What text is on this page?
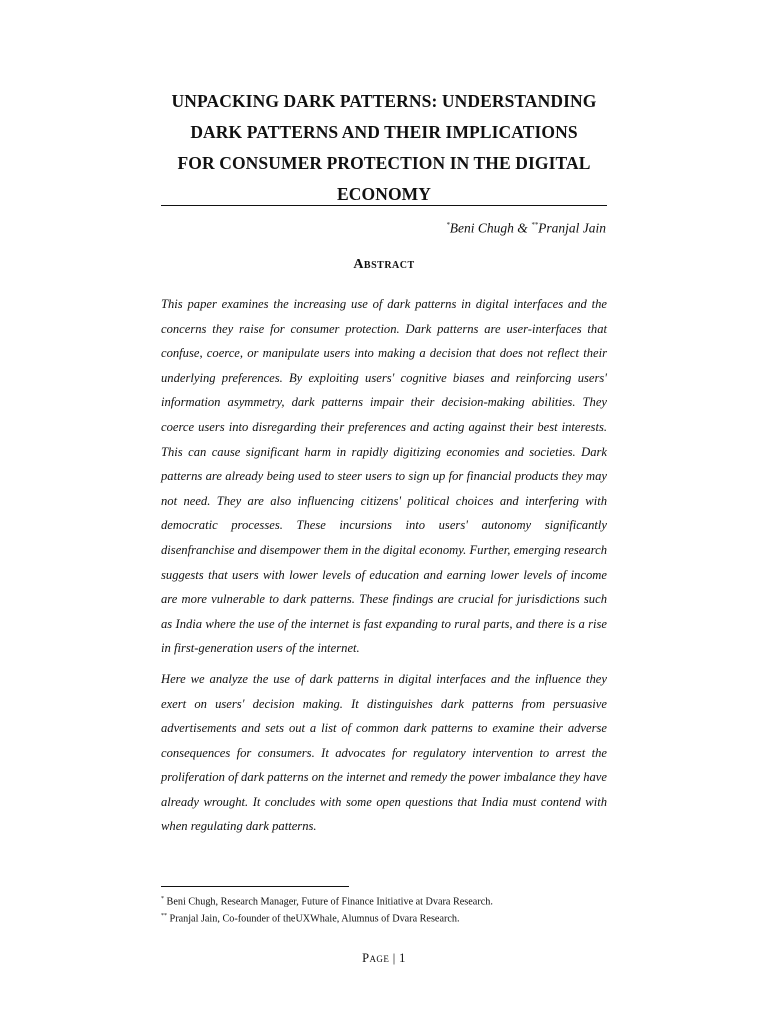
UNPACKING DARK PATTERNS: UNDERSTANDING
DARK PATTERNS AND THEIR IMPLICATIONS
FOR CONSUMER PROTECTION IN THE DIGITAL
ECONOMY
*Beni Chugh & **Pranjal Jain
Abstract

This paper examines the increasing use of dark patterns in digital interfaces and the concerns they raise for consumer protection. Dark patterns are user-interfaces that confuse, coerce, or manipulate users into making a decision that does not reflect their underlying preferences. By exploiting users' cognitive biases and reinforcing users' information asymmetry, dark patterns impair their decision-making abilities. They coerce users into disregarding their preferences and acting against their best interests. This can cause significant harm in rapidly digitizing economies and societies. Dark patterns are already being used to steer users to sign up for financial products they may not need. They are also influencing citizens' political choices and interfering with democratic processes. These incursions into users' autonomy significantly disenfranchise and disempower them in the digital economy. Further, emerging research suggests that users with lower levels of education and earning lower levels of income are more vulnerable to dark patterns. These findings are crucial for jurisdictions such as India where the use of the internet is fast expanding to rural parts, and there is a rise in first-generation users of the internet.

Here we analyze the use of dark patterns in digital interfaces and the influence they exert on users' decision making. It distinguishes dark patterns from persuasive advertisements and sets out a list of common dark patterns to examine their adverse consequences for consumers. It advocates for regulatory intervention to arrest the proliferation of dark patterns on the internet and remedy the power imbalance they have already wrought. It concludes with some open questions that India must contend with when regulating dark patterns.

* Beni Chugh, Research Manager, Future of Finance Initiative at Dvara Research.
** Pranjal Jain, Co-founder of theUXWhale, Alumnus of Dvara Research.
Page | 1
